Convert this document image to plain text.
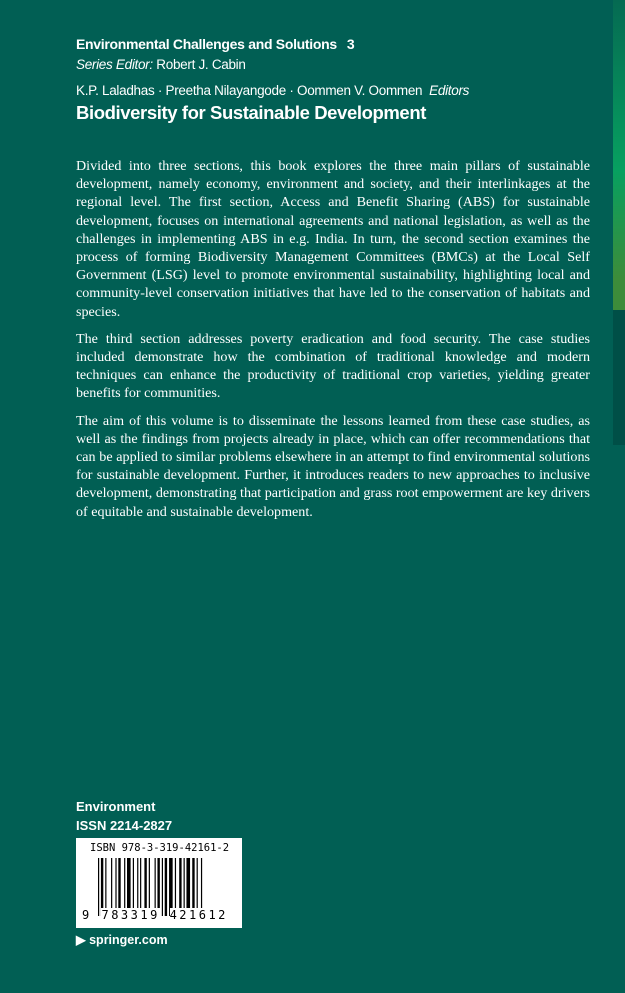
Environmental Challenges and Solutions 3
Series Editor: Robert J. Cabin
K.P. Laladhas · Preetha Nilayangode · Oommen V. Oommen Editors
Biodiversity for Sustainable Development

Divided into three sections, this book explores the three main pillars of sustainable development, namely economy, environment and society, and their interlinkages at the regional level. The first section, Access and Benefit Sharing (ABS) for sustainable development, focuses on international agreements and national legislation, as well as the challenges in implementing ABS in e.g. India. In turn, the second section examines the process of forming Biodiversity Management Committees (BMCs) at the Local Self Government (LSG) level to promote environmental sustainability, highlighting local and community-level conservation initiatives that have led to the conservation of habitats and species.

The third section addresses poverty eradication and food security. The case studies included demonstrate how the combination of traditional knowledge and modern techniques can enhance the productivity of traditional crop varieties, yielding greater benefits for communities.

The aim of this volume is to disseminate the lessons learned from these case studies, as well as the findings from projects already in place, which can offer recommendations that can be applied to similar problems elsewhere in an attempt to find environmental solutions for sustainable development. Further, it introduces readers to new approaches to inclusive development, demonstrating that participation and grass root empowerment are key drivers of equitable and sustainable development.

Environment
ISSN 2214-2827
ISBN 978-3-319-42161-2
9 783319 421612
▶ springer.com
